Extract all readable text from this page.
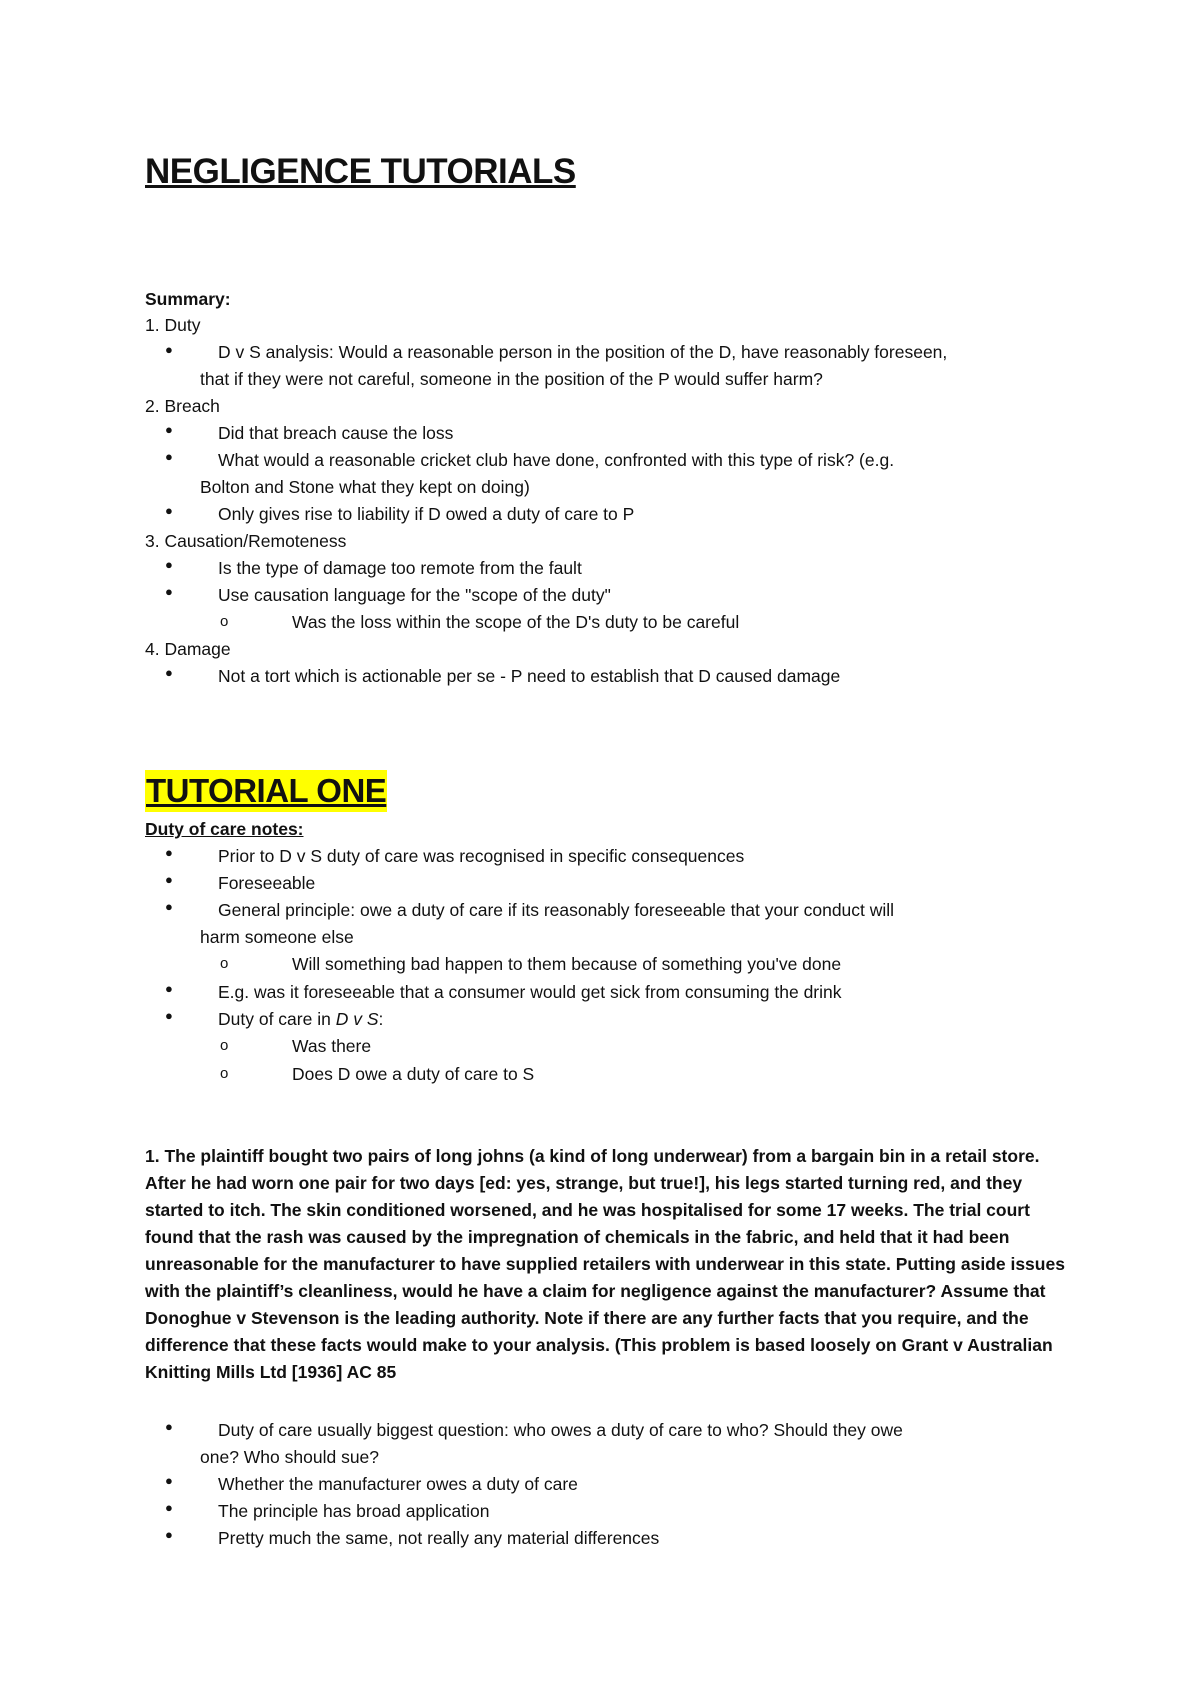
NEGLIGENCE TUTORIALS
Summary:
1. Duty
●	D v S analysis: Would a reasonable person in the position of the D, have reasonably foreseen,
that if they were not careful, someone in the position of the P would suffer harm?
2. Breach
●	Did that breach cause the loss
●	What would a reasonable cricket club have done, confronted with this type of risk? (e.g.
Bolton and Stone what they kept on doing)
●	Only gives rise to liability if D owed a duty of care to P
3. Causation/Remoteness
●	Is the type of damage too remote from the fault
●	Use causation language for the "scope of the duty"
o	Was the loss within the scope of the D's duty to be careful
4. Damage
●	Not a tort which is actionable per se - P need to establish that D caused damage
TUTORIAL ONE
Duty of care notes:
●	Prior to D v S duty of care was recognised in specific consequences
●	Foreseeable
●	General principle: owe a duty of care if its reasonably foreseeable that your conduct will
harm someone else
o	Will something bad happen to them because of something you've done
●	E.g. was it foreseeable that a consumer would get sick from consuming the drink
●	Duty of care in D v S:
o	Was there
o	Does D owe a duty of care to S

1. The plaintiff bought two pairs of long johns (a kind of long underwear) from a bargain bin in a retail store. After he had worn one pair for two days [ed: yes, strange, but true!], his legs started turning red, and they started to itch. The skin conditioned worsened, and he was hospitalised for some 17 weeks. The trial court found that the rash was caused by the impregnation of chemicals in the fabric, and held that it had been unreasonable for the manufacturer to have supplied retailers with underwear in this state. Putting aside issues with the plaintiff’s cleanliness, would he have a claim for negligence against the manufacturer? Assume that Donoghue v Stevenson is the leading authority. Note if there are any further facts that you require, and the difference that these facts would make to your analysis. (This problem is based loosely on Grant v Australian Knitting Mills Ltd [1936] AC 85

●	Duty of care usually biggest question: who owes a duty of care to who? Should they owe
one? Who should sue?
●	Whether the manufacturer owes a duty of care
●	The principle has broad application
●	Pretty much the same, not really any material differences
